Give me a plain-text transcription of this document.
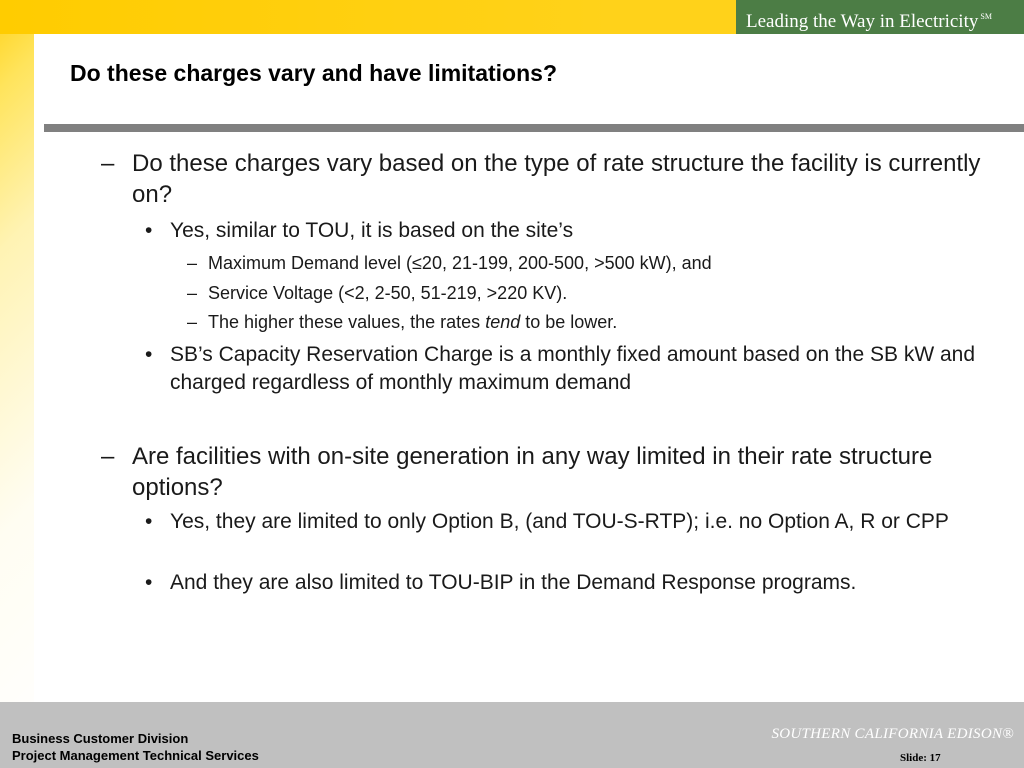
Leading the Way in Electricity ℠
Do these charges vary and have limitations?
– Do these charges vary based on the type of rate structure the facility is currently on?
• Yes, similar to TOU, it is based on the site’s
– Maximum Demand level (≤20, 21-199, 200-500, >500 kW), and
– Service Voltage (<2, 2-50, 51-219, >220 KV).
– The higher these values, the rates tend to be lower.
• SB’s Capacity Reservation Charge is a monthly fixed amount based on the SB kW and charged regardless of monthly maximum demand
– Are facilities with on-site generation in any way limited in their rate structure options?
• Yes, they are limited to only Option B, (and TOU-S-RTP); i.e. no Option A, R or CPP
• And they are also limited to TOU-BIP in the Demand Response programs.
Business Customer Division
Project Management Technical Services
SOUTHERN CALIFORNIA EDISON®
Slide: 17
